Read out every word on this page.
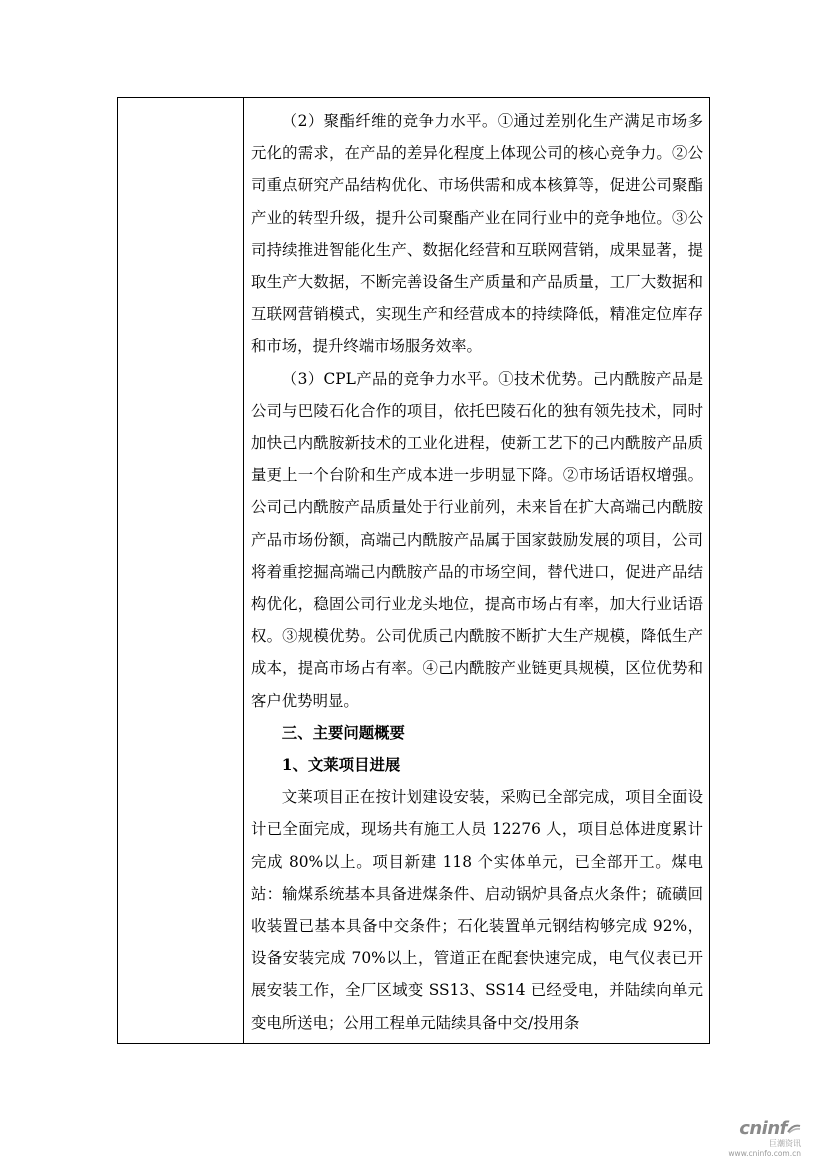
（2）聚酯纤维的竞争力水平。①通过差别化生产满足市场多元化的需求，在产品的差异化程度上体现公司的核心竞争力。②公司重点研究产品结构优化、市场供需和成本核算等，促进公司聚酯产业的转型升级，提升公司聚酯产业在同行业中的竞争地位。③公司持续推进智能化生产、数据化经营和互联网营销，成果显著，提取生产大数据，不断完善设备生产质量和产品质量，工厂大数据和互联网营销模式，实现生产和经营成本的持续降低，精准定位库存和市场，提升终端市场服务效率。

（3）CPL产品的竞争力水平。①技术优势。己内酰胺产品是公司与巴陵石化合作的项目，依托巴陵石化的独有领先技术，同时加快己内酰胺新技术的工业化进程，使新工艺下的己内酰胺产品质量更上一个台阶和生产成本进一步明显下降。②市场话语权增强。公司己内酰胺产品质量处于行业前列，未来旨在扩大高端己内酰胺产品市场份额，高端己内酰胺产品属于国家鼓励发展的项目，公司将着重挖掘高端己内酰胺产品的市场空间，替代进口，促进产品结构优化，稳固公司行业龙头地位，提高市场占有率，加大行业话语权。③规模优势。公司优质己内酰胺不断扩大生产规模，降低生产成本，提高市场占有率。④己内酰胺产业链更具规模，区位优势和客户优势明显。

三、主要问题概要
1、文莱项目进展

文莱项目正在按计划建设安装，采购已全部完成，项目全面设计已全面完成，现场共有施工人员 12276 人，项目总体进度累计完成 80%以上。项目新建 118 个实体单元，已全部开工。煤电站：输煤系统基本具备进煤条件、启动锅炉具备点火条件；硫磺回收装置已基本具备中交条件；石化装置单元钢结构够完成 92%，设备安装完成 70%以上，管道正在配套快速完成，电气仪表已开展安装工作，全厂区域变 SS13、SS14 已经受电，并陆续向单元变电所送电；公用工程单元陆续具备中交/投用条

cninf
巨潮资讯
www.cninfo.com.cn
